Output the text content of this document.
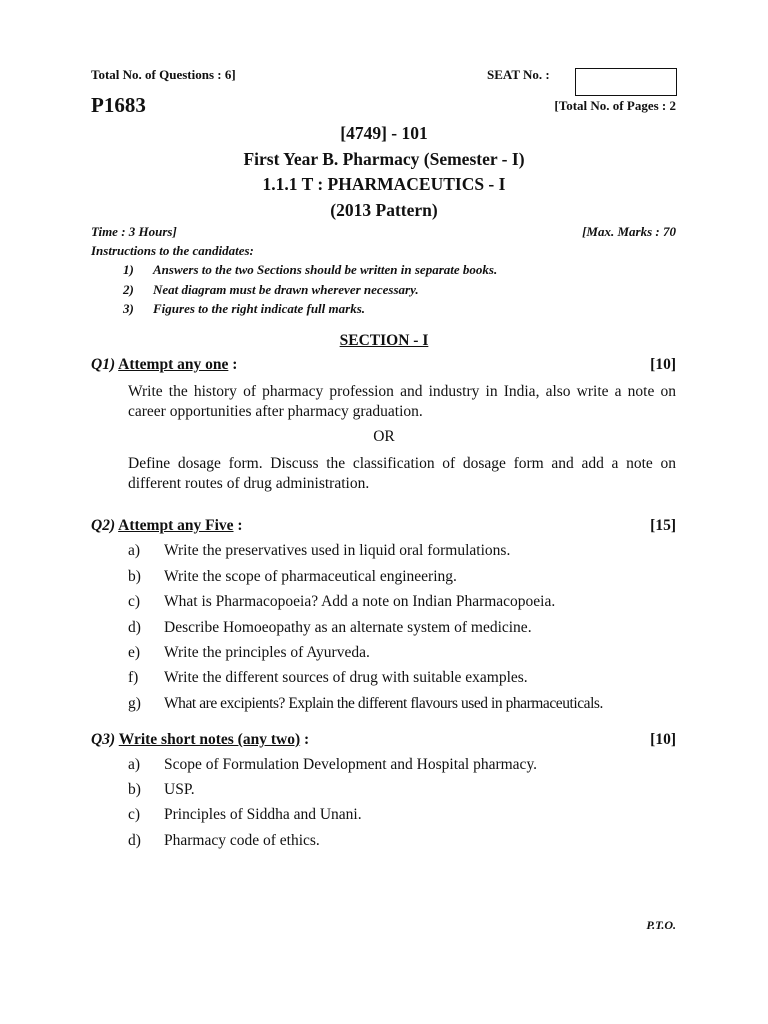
Total No. of Questions : 6]	SEAT No. :
P1683	[Total No. of Pages : 2
[4749] - 101
First Year B. Pharmacy (Semester - I)
1.1.1 T : PHARMACEUTICS - I
(2013 Pattern)
Time : 3 Hours]	[Max. Marks : 70
Instructions to the candidates:
1) Answers to the two Sections should be written in separate books.
2) Neat diagram must be drawn wherever necessary.
3) Figures to the right indicate full marks.
SECTION - I
Q1) Attempt any one :	[10]
Write the history of pharmacy profession and industry in India, also write a note on career opportunities after pharmacy graduation.
OR
Define dosage form. Discuss the classification of dosage form and add a note on different routes of drug administration.
Q2) Attempt any Five :	[15]
a) Write the preservatives used in liquid oral formulations.
b) Write the scope of pharmaceutical engineering.
c) What is Pharmacopoeia? Add a note on Indian Pharmacopoeia.
d) Describe Homoeopathy as an alternate system of medicine.
e) Write the principles of Ayurveda.
f) Write the different sources of drug with suitable examples.
g) What are excipients? Explain the different flavours used in pharmaceuticals.
Q3) Write short notes (any two) :	[10]
a) Scope of Formulation Development and Hospital pharmacy.
b) USP.
c) Principles of Siddha and Unani.
d) Pharmacy code of ethics.
P.T.O.
